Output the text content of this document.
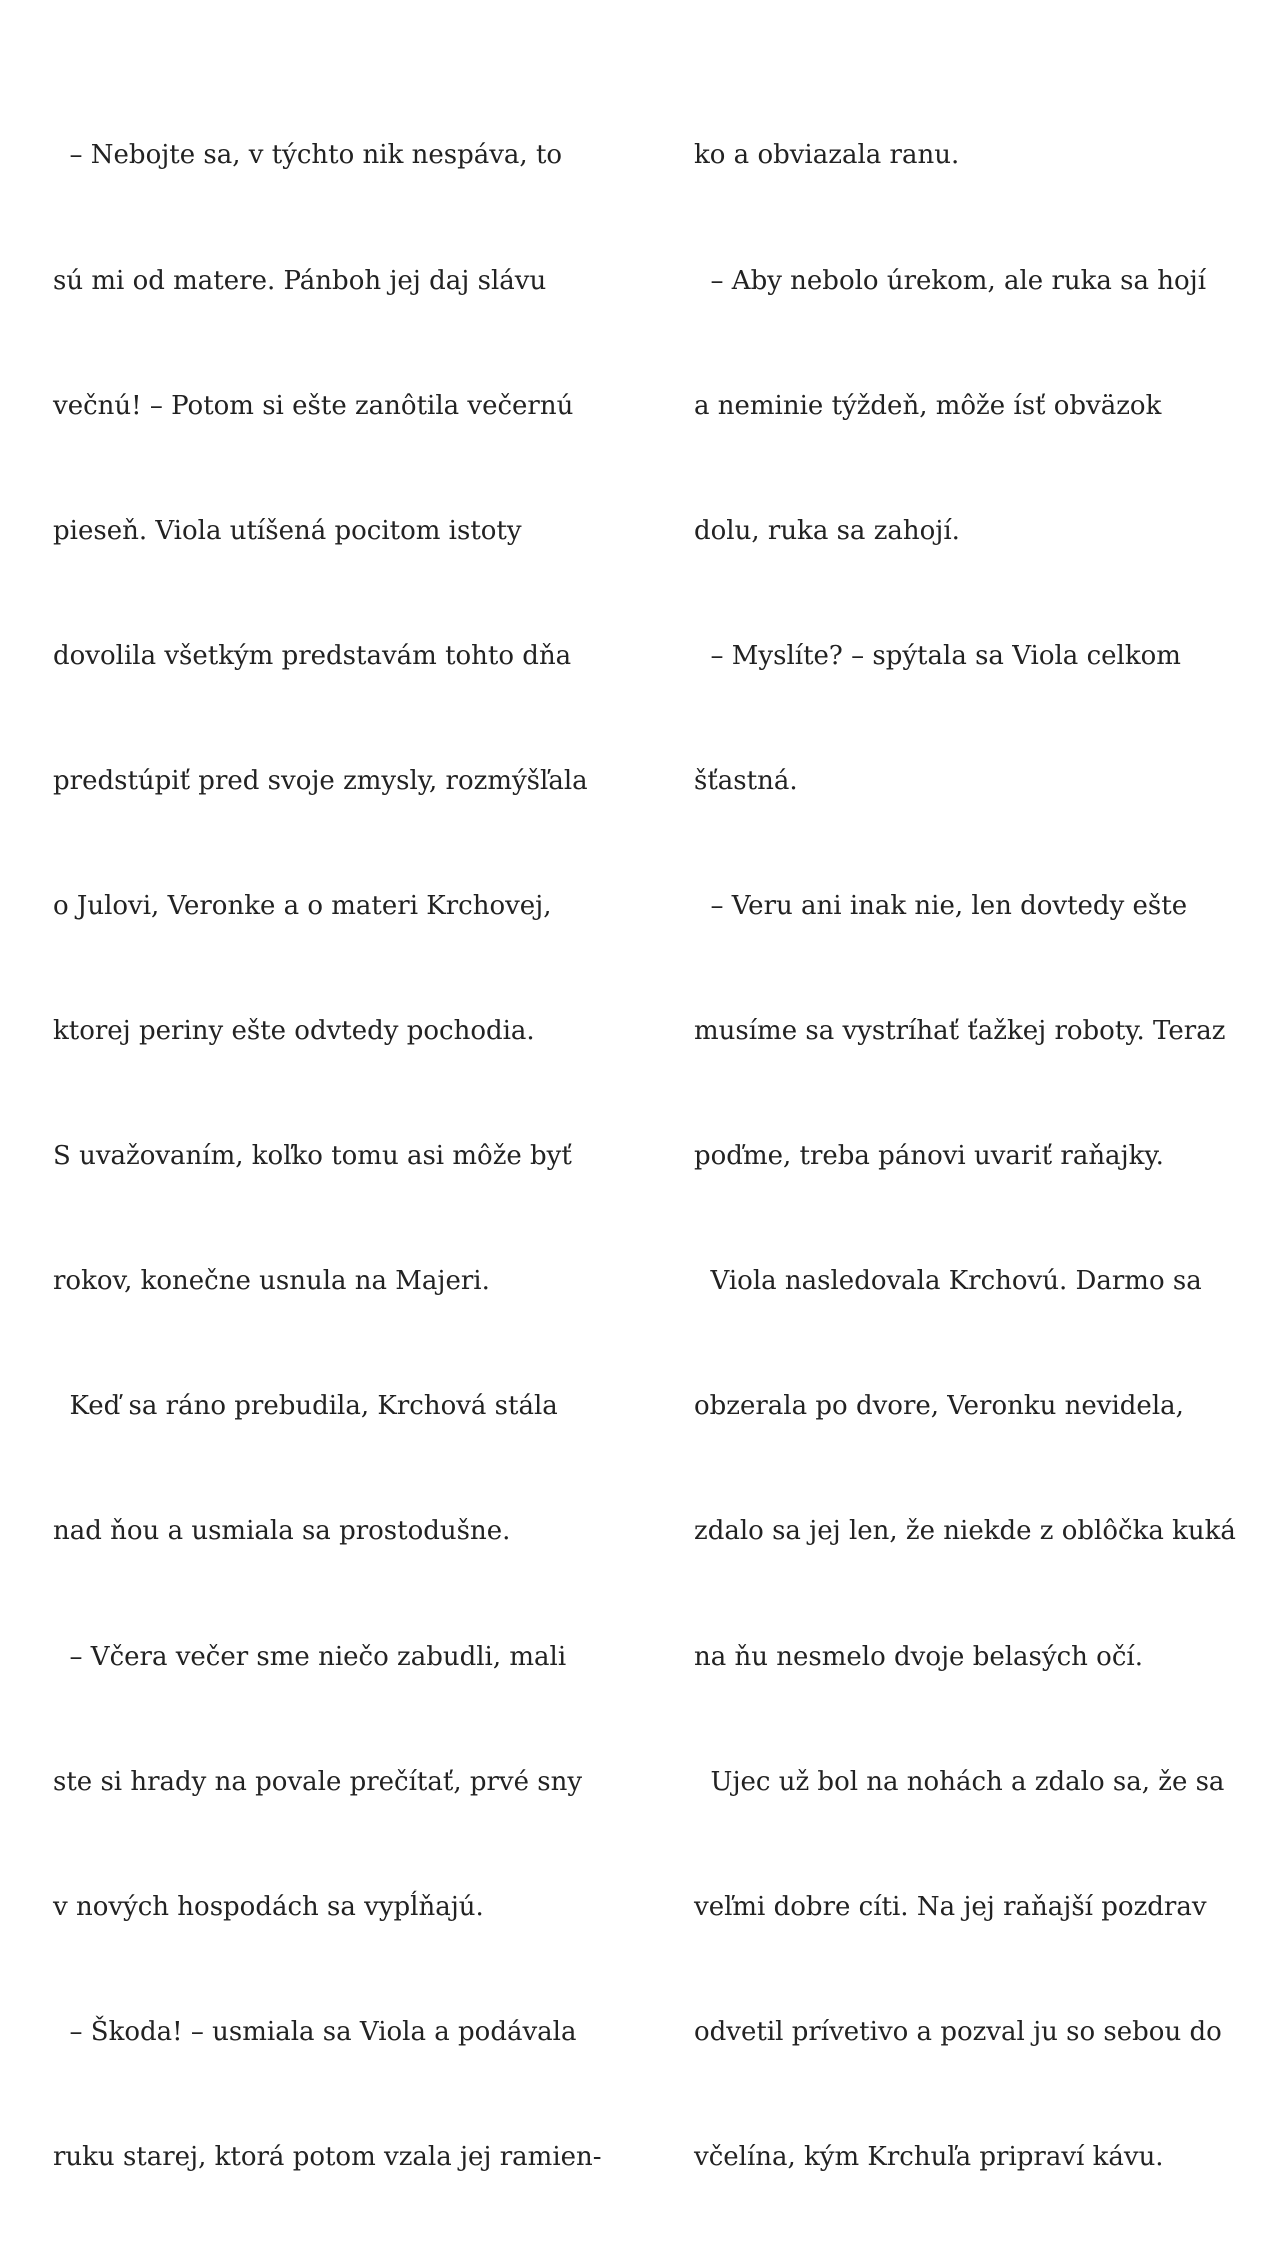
– Nebojte sa, v týchto nik nespáva, to

sú mi od matere. Pánboh jej daj slávu

večnú! – Potom si ešte zanôtila večernú

pieseň. Viola utíšená pocitom istoty

dovolila všetkým predstavám tohto dňa

predstúpiť pred svoje zmysly, rozmýšľala

o Julovi, Veronke a o materi Krchovej,

ktorej periny ešte odvtedy pochodia.

S uvažovaním, koľko tomu asi môže byť

rokov, konečne usnula na Majeri.

Keď sa ráno prebudila, Krchová stála

nad ňou a usmiala sa prostodušne.

– Včera večer sme niečo zabudli, mali

ste si hrady na povale prečítať, prvé sny

v nových hospodách sa vypĺňajú.

– Škoda! – usmiala sa Viola a podávala

ruku starej, ktorá potom vzala jej ramien-

ko a obviazala ranu.

– Aby nebolo úrekom, ale ruka sa hojí

a neminie týždeň, môže ísť obväzok

dolu, ruka sa zahojí.

– Myslíte? – spýtala sa Viola celkom

šťastná.

– Veru ani inak nie, len dovtedy ešte

musíme sa vystríhať ťažkej roboty. Teraz

poďme, treba pánovi uvariť raňajky.

Viola nasledovala Krchovú. Darmo sa

obzerala po dvore, Veronku nevidela,

zdalo sa jej len, že niekde z oblôčka kuká

na ňu nesmelo dvoje belasých očí.

Ujec už bol na nohách a zdalo sa, že sa

veľmi dobre cíti. Na jej raňajší pozdrav

odvetil prívetivo a pozval ju so sebou do

včelína, kým Krchuľa pripraví kávu.
